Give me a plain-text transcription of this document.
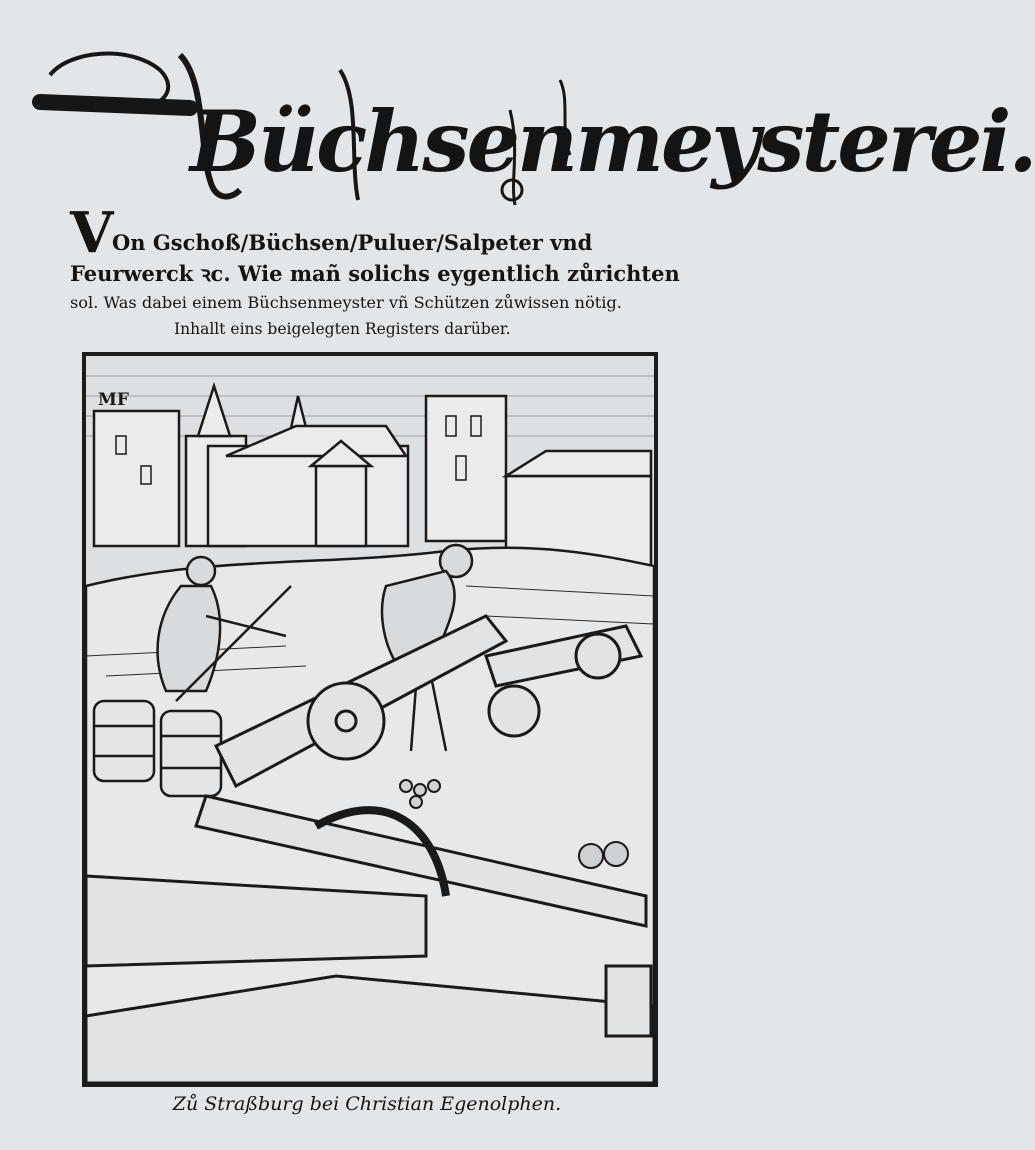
Büchsenmeysterei.
V
On Gschoß/Büchsen/Puluer/Salpeter vnd
Feurwerck ꝛc. Wie mañ solichs eygentlich zůrichten
sol. Was dabei einem Büchsenmeyster vñ Schützen zůwissen nötig.
Inhallt eins beigelegten Registers darüber.
MF
Zů Straßburg bei Christian Egenolphen.
